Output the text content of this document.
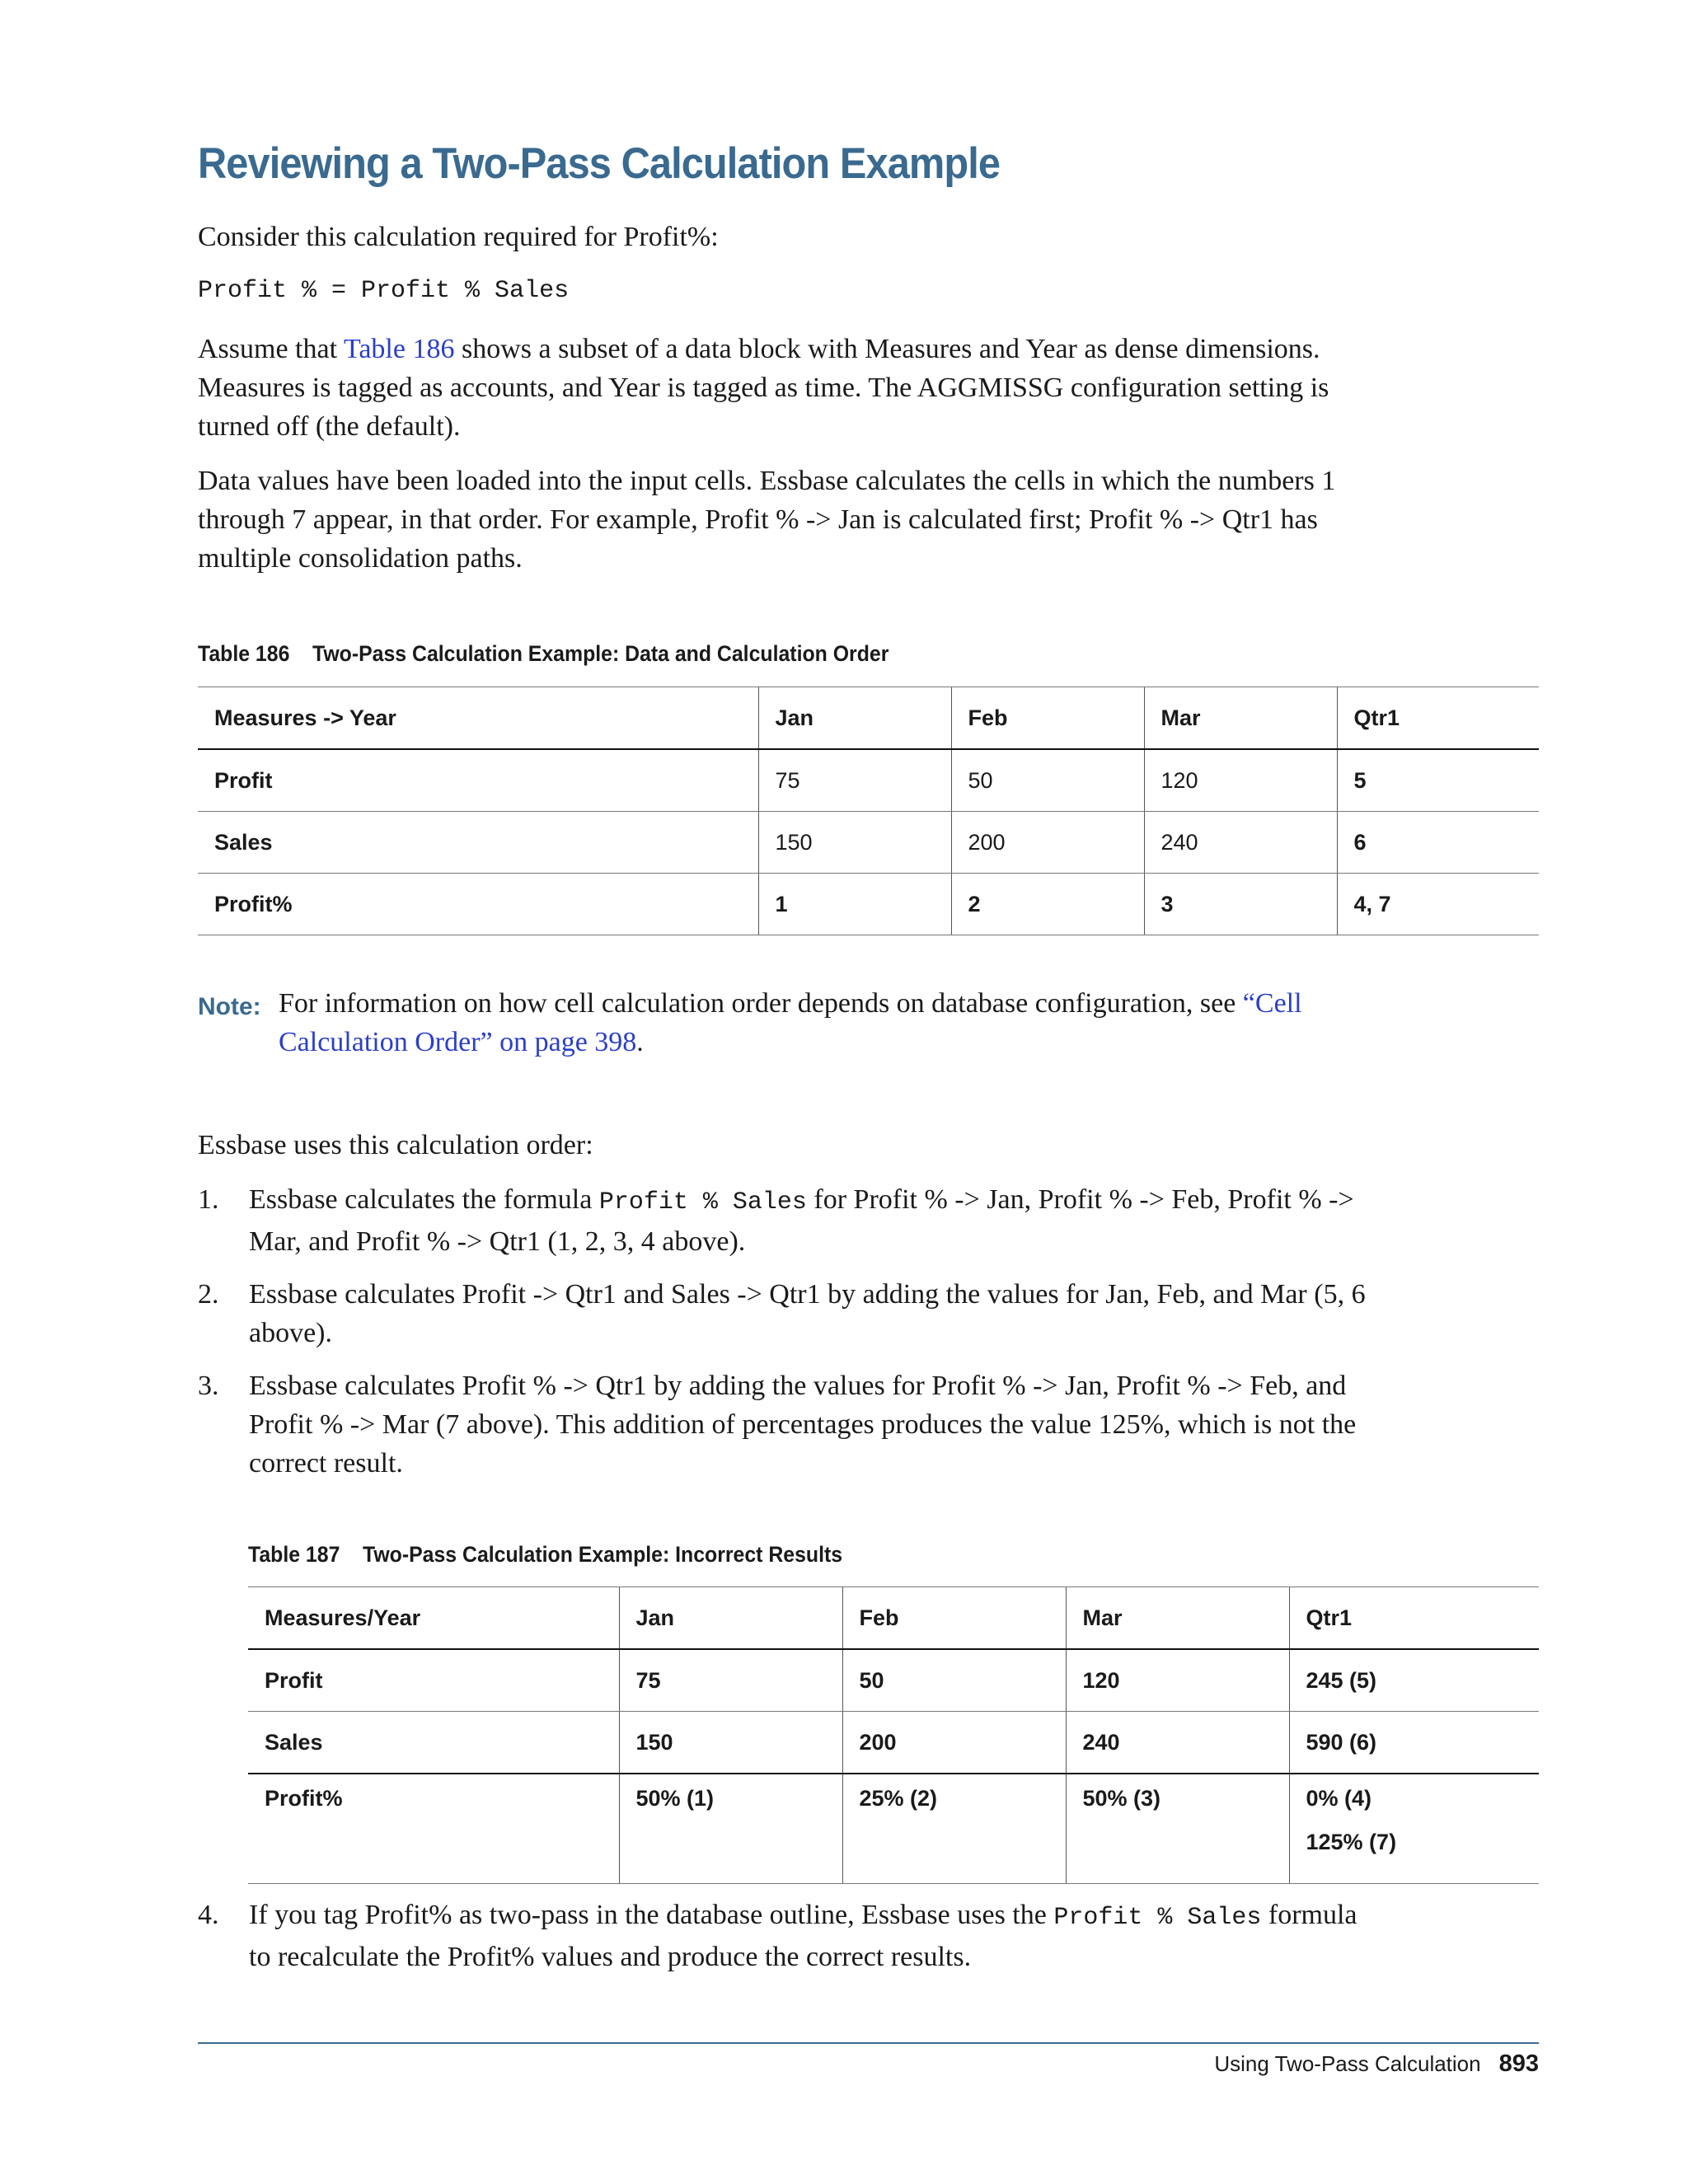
Reviewing a Two-Pass Calculation Example

Consider this calculation required for Profit%:

Profit % = Profit % Sales

Assume that Table 186 shows a subset of a data block with Measures and Year as dense dimensions. Measures is tagged as accounts, and Year is tagged as time. The AGGMISSG configuration setting is turned off (the default).

Data values have been loaded into the input cells. Essbase calculates the cells in which the numbers 1 through 7 appear, in that order. For example, Profit % -> Jan is calculated first; Profit % -> Qtr1 has multiple consolidation paths.

Table 186 Two-Pass Calculation Example: Data and Calculation Order
Measures -> Year	Jan	Feb	Mar	Qtr1

Profit	75	50	120	5

Sales	150	200	240	6

Profit%	1	2	3	4, 7
Note: For information on how cell calculation order depends on database configuration, see “Cell Calculation Order” on page 398.

Essbase uses this calculation order:

1. Essbase calculates the formula Profit % Sales for Profit % -> Jan, Profit % -> Feb, Profit % -> Mar, and Profit % -> Qtr1 (1, 2, 3, 4 above).
2. Essbase calculates Profit -> Qtr1 and Sales -> Qtr1 by adding the values for Jan, Feb, and Mar (5, 6 above).
3. Essbase calculates Profit % -> Qtr1 by adding the values for Profit % -> Jan, Profit % -> Feb, and Profit % -> Mar (7 above). This addition of percentages produces the value 125%, which is not the correct result.
Table 187 Two-Pass Calculation Example: Incorrect Results
Measures/Year	Jan	Feb	Mar	Qtr1

Profit	75	50	120	245 (5)

Sales	150	200	240	590 (6)

Profit%	50% (1)	25% (2)	50% (3)	0% (4)
125% (7)
4. If you tag Profit% as two-pass in the database outline, Essbase uses the Profit % Sales formula to recalculate the Profit% values and produce the correct results.
Using Two-Pass Calculation 893
